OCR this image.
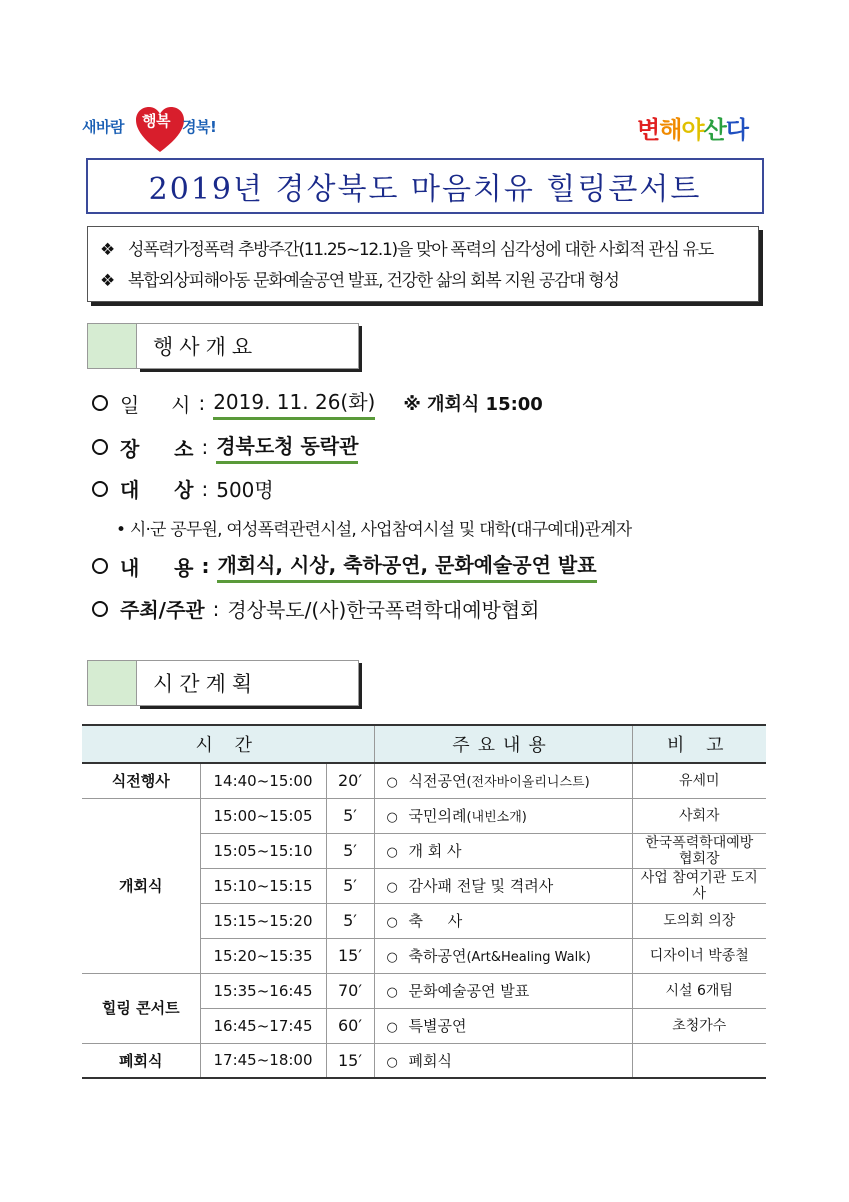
새바람 행복 경북!	변해야산다
2019년 경상북도 마음치유 힐링콘서트
❖ 성폭력가정폭력 추방주간(11.25~12.1)을 맞아 폭력의 심각성에 대한 사회적 관심 유도
❖ 복합외상피해아동 문화예술공연 발표, 건강한 삶의 회복 지원 공감대 형성
행사개요
일     시 : 2019. 11. 26(화) ※ 개회식 15:00
장     소 : 경북도청 동락관
대     상 : 500명
• 시·군 공무원, 여성폭력관련시설, 사업참여시설 및 대학(대구예대)관계자
내     용 : 개회식, 시상, 축하공연, 문화예술공연 발표
주최/주관 : 경상북도/(사)한국폭력학대예방협회
시간계획
시 간			주요내용	비 고
식전행사	14:40~15:00	20′	○ 식전공연(전자바이올리니스트)	유세미
개회식	15:00~15:05	5′	○ 국민의례(내빈소개)	사회자
	15:05~15:10	5′	○ 개 회 사	한국폭력학대예방 협회장
	15:10~15:15	5′	○ 감사패 전달 및 격려사	사업 참여기관 도지사
	15:15~15:20	5′	○ 축 사	도의회 의장
	15:20~15:35	15′	○ 축하공연(Art&Healing Walk)	디자이너 박종철
힐링 콘서트	15:35~16:45	70′	○ 문화예술공연 발표	시설 6개팀
	16:45~17:45	60′	○ 특별공연	초청가수
폐회식	17:45~18:00	15′	○ 폐회식	
